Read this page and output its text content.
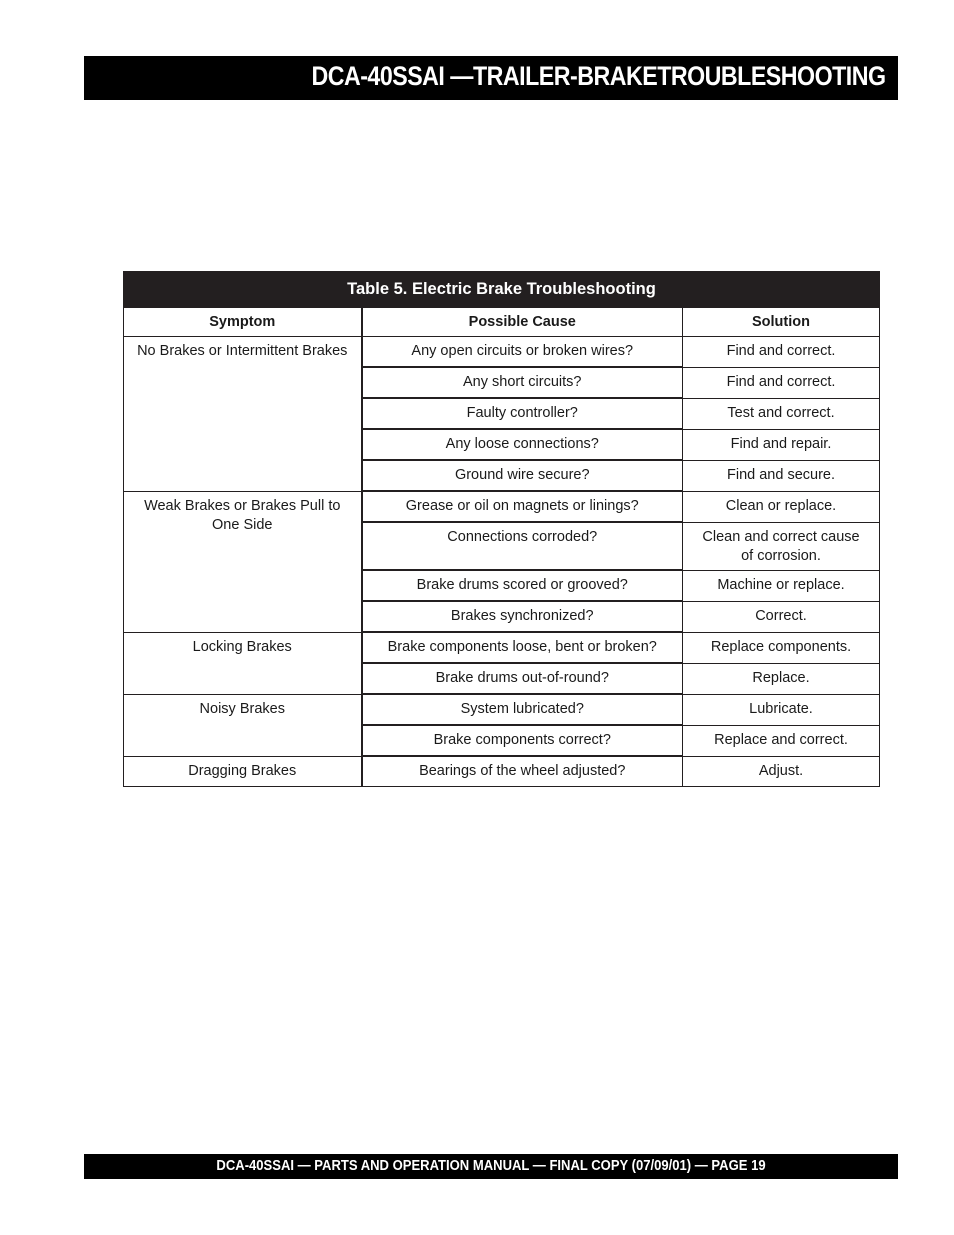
DCA-40SSAI —TRAILER-BRAKETROUBLESHOOTING
Table 5. Electric Brake Troubleshooting		
Symptom	Possible Cause	Solution
No Brakes or Intermittent Brakes	Any open circuits or broken wires?	Find and correct.
	Any short circuits?	Find and correct.
	Faulty controller?	Test and correct.
	Any loose connections?	Find and repair.
	Ground wire secure?	Find and secure.
Weak Brakes or Brakes Pull to One Side	Grease or oil on magnets or linings?	Clean or replace.
	Connections corroded?	Clean and correct cause of corrosion.
	Brake drums scored or grooved?	Machine or replace.
	Brakes synchronized?	Correct.
Locking Brakes	Brake components loose, bent or broken?	Replace components.
	Brake drums out-of-round?	Replace.
Noisy Brakes	System lubricated?	Lubricate.
	Brake components correct?	Replace and correct.
Dragging Brakes	Bearings of the wheel adjusted?	Adjust.
DCA-40SSAI — PARTS AND OPERATION MANUAL — FINAL COPY (07/09/01) — PAGE 19
